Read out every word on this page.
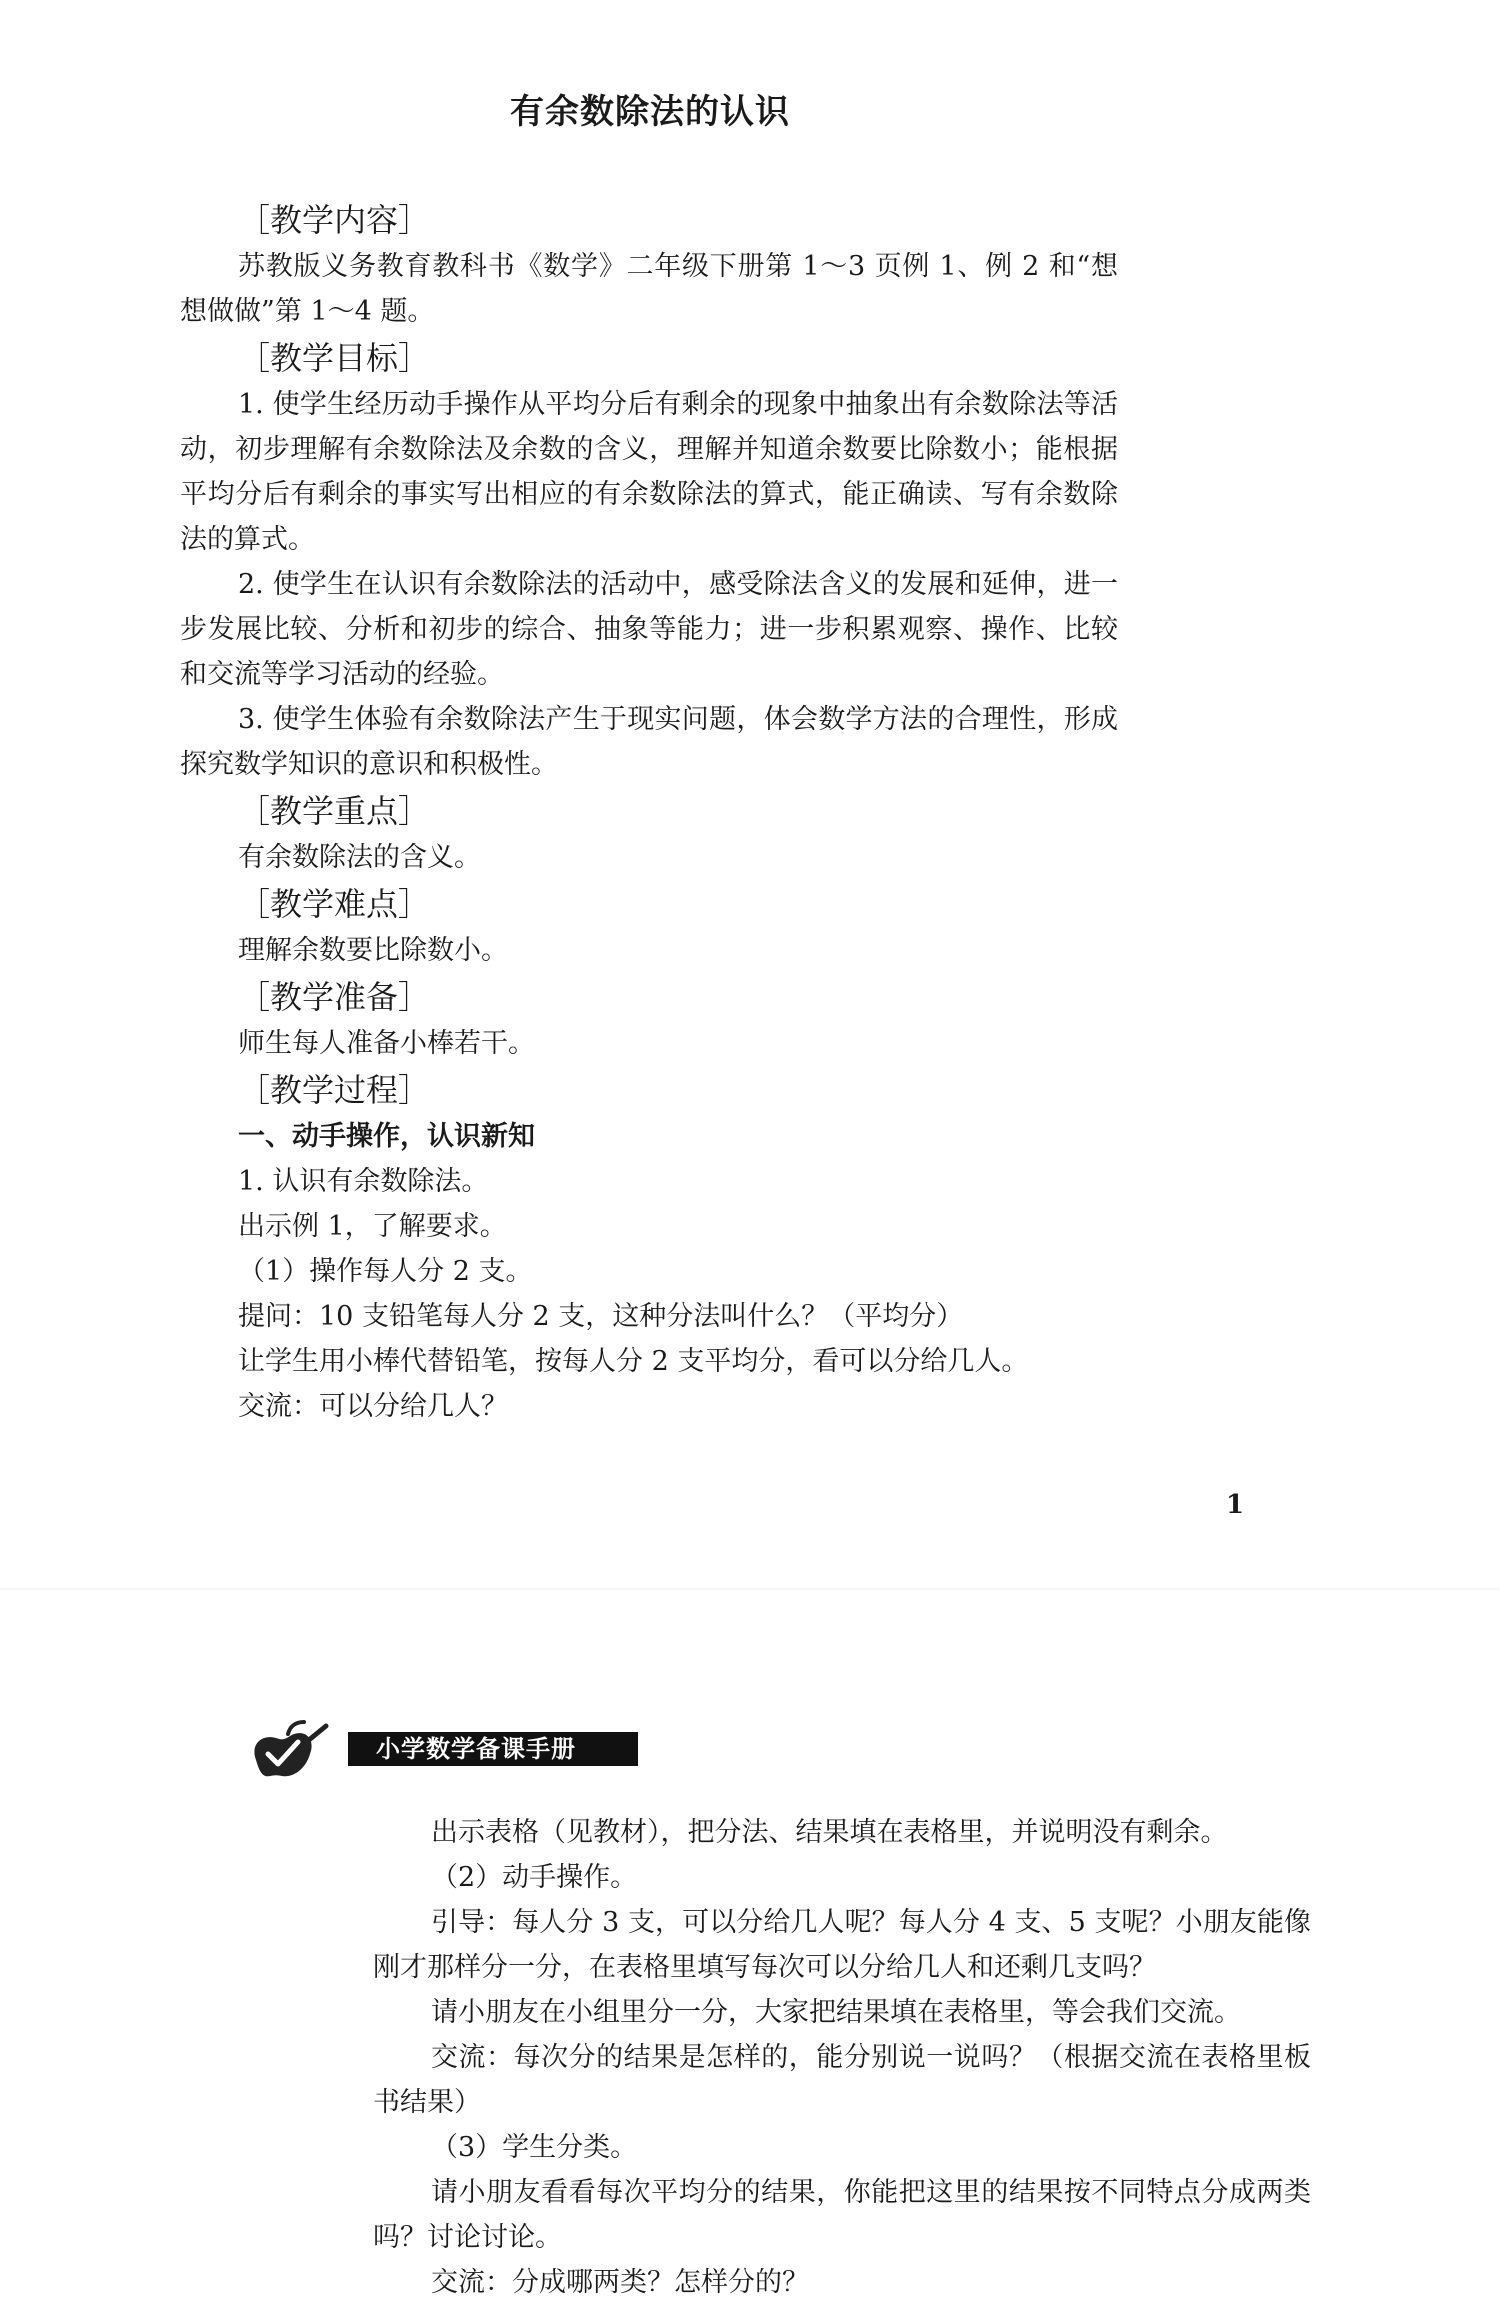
有余数除法的认识

［教学内容］

苏教版义务教育教科书《数学》二年级下册第 1～3 页例 1、例 2 和“想想做做”第 1～4 题。

［教学目标］

1. 使学生经历动手操作从平均分后有剩余的现象中抽象出有余数除法等活动，初步理解有余数除法及余数的含义，理解并知道余数要比除数小；能根据平均分后有剩余的事实写出相应的有余数除法的算式，能正确读、写有余数除法的算式。

2. 使学生在认识有余数除法的活动中，感受除法含义的发展和延伸，进一步发展比较、分析和初步的综合、抽象等能力；进一步积累观察、操作、比较和交流等学习活动的经验。

3. 使学生体验有余数除法产生于现实问题，体会数学方法的合理性，形成探究数学知识的意识和积极性。

［教学重点］

有余数除法的含义。

［教学难点］

理解余数要比除数小。

［教学准备］

师生每人准备小棒若干。

［教学过程］

一、动手操作，认识新知

1. 认识有余数除法。

出示例 1，了解要求。

（1）操作每人分 2 支。

提问：10 支铅笔每人分 2 支，这种分法叫什么？（平均分）

让学生用小棒代替铅笔，按每人分 2 支平均分，看可以分给几人。

交流：可以分给几人？

1
小学数学备课手册

出示表格（见教材），把分法、结果填在表格里，并说明没有剩余。

（2）动手操作。

引导：每人分 3 支，可以分给几人呢？每人分 4 支、5 支呢？小朋友能像刚才那样分一分，在表格里填写每次可以分给几人和还剩几支吗？

请小朋友在小组里分一分，大家把结果填在表格里，等会我们交流。

交流：每次分的结果是怎样的，能分别说一说吗？（根据交流在表格里板书结果）

（3）学生分类。

请小朋友看看每次平均分的结果，你能把这里的结果按不同特点分成两类吗？讨论讨论。

交流：分成哪两类？怎样分的？
